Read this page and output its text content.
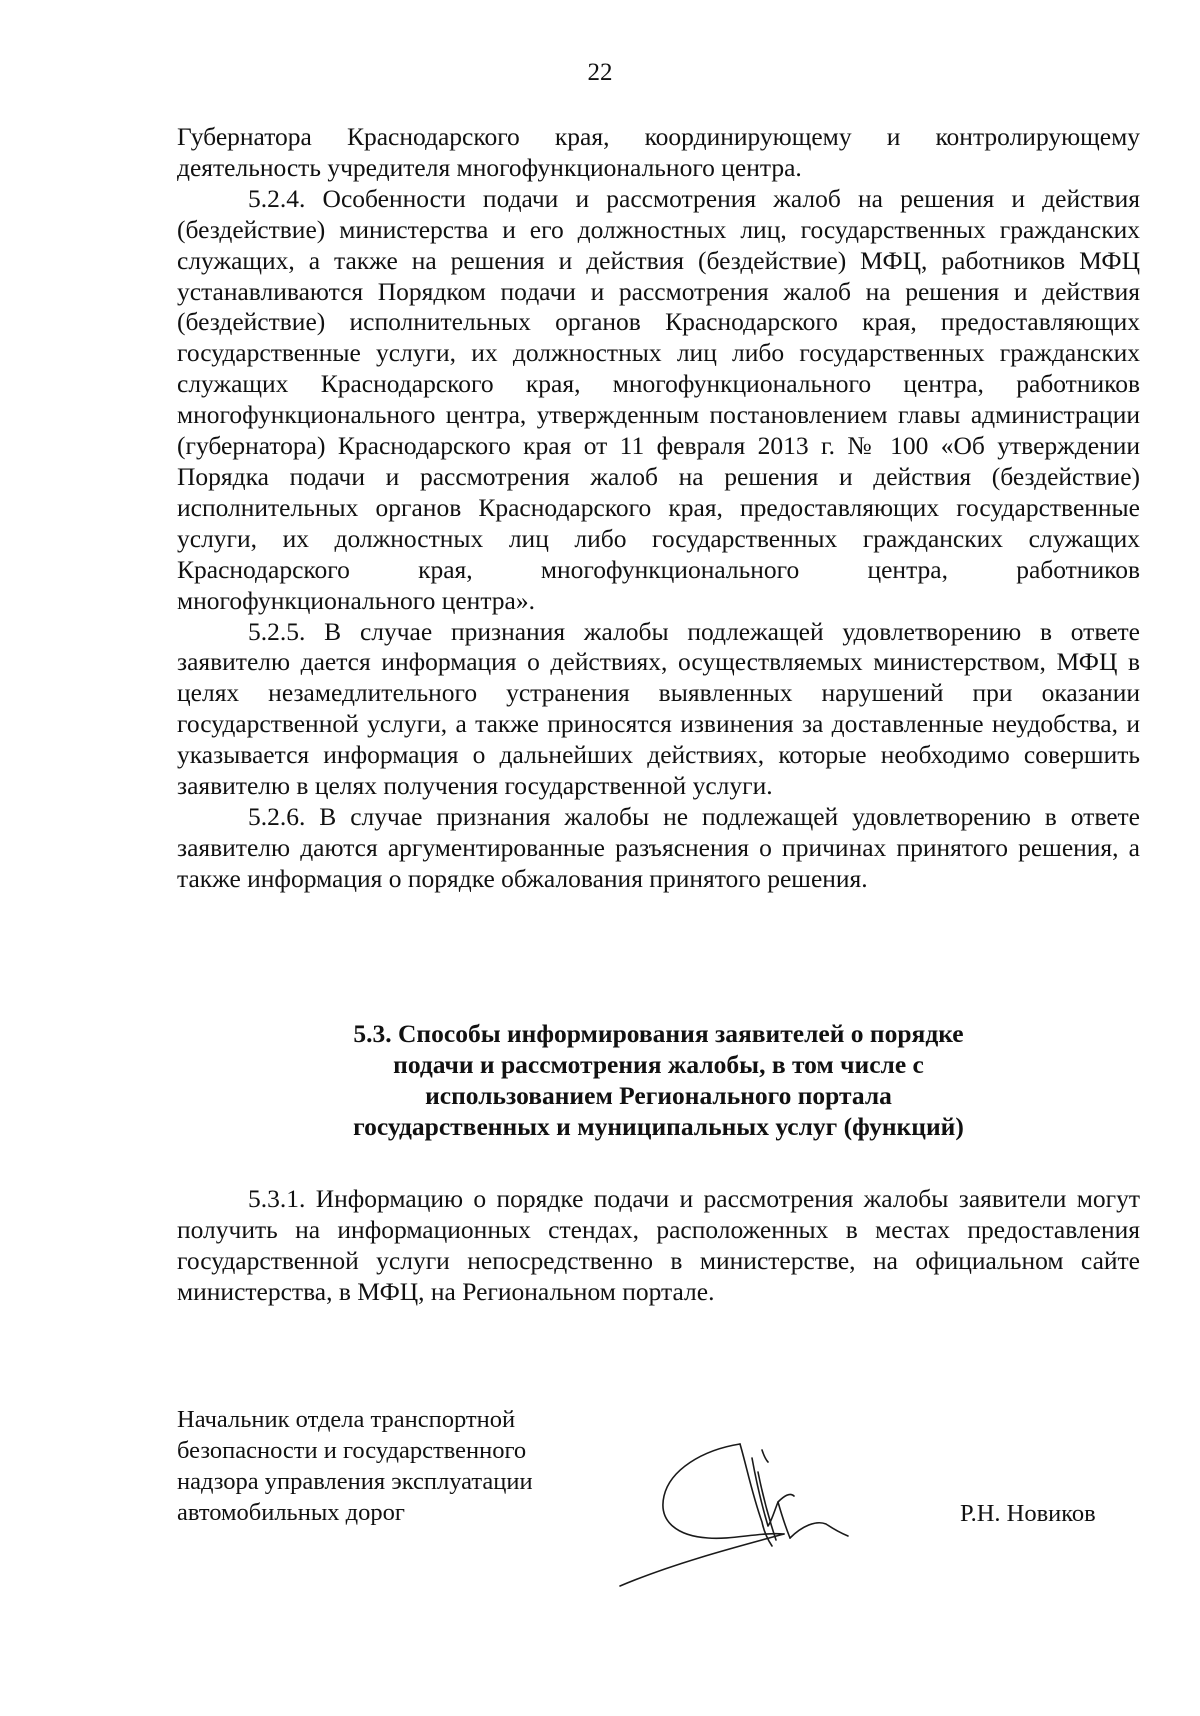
22

Губернатора Краснодарского края, координирующему и контролирующему деятельность учредителя многофункционального центра.

5.2.4. Особенности подачи и рассмотрения жалоб на решения и действия (бездействие) министерства и его должностных лиц, государственных гражданских служащих, а также на решения и действия (бездействие) МФЦ, работников МФЦ устанавливаются Порядком подачи и рассмотрения жалоб на решения и действия (бездействие) исполнительных органов Краснодарского края, предоставляющих государственные услуги, их должностных лиц либо государственных гражданских служащих Краснодарского края, многофункционального центра, работников многофункционального центра, утвержденным постановлением главы администрации (губернатора) Краснодарского края от 11 февраля 2013 г. № 100 «Об утверждении Порядка подачи и рассмотрения жалоб на решения и действия (бездействие) исполнительных органов Краснодарского края, предоставляющих государственные услуги, их должностных лиц либо государственных гражданских служащих Краснодарского края, многофункционального центра, работников многофункционального центра».

5.2.5. В случае признания жалобы подлежащей удовлетворению в ответе заявителю дается информация о действиях, осуществляемых министерством, МФЦ в целях незамедлительного устранения выявленных нарушений при оказании государственной услуги, а также приносятся извинения за доставленные неудобства, и указывается информация о дальнейших действиях, которые необходимо совершить заявителю в целях получения государственной услуги.

5.2.6. В случае признания жалобы не подлежащей удовлетворению в ответе заявителю даются аргументированные разъяснения о причинах принятого решения, а также информация о порядке обжалования принятого решения.

5.3. Способы информирования заявителей о порядке
подачи и рассмотрения жалобы, в том числе с
использованием Регионального портала
государственных и муниципальных услуг (функций)

5.3.1. Информацию о порядке подачи и рассмотрения жалобы заявители могут получить на информационных стендах, расположенных в местах предоставления государственной услуги непосредственно в министерстве, на официальном сайте министерства, в МФЦ, на Региональном портале.

Начальник отдела транспортной
безопасности и государственного
надзора управления эксплуатации
автомобильных дорог	Р.Н. Новиков
